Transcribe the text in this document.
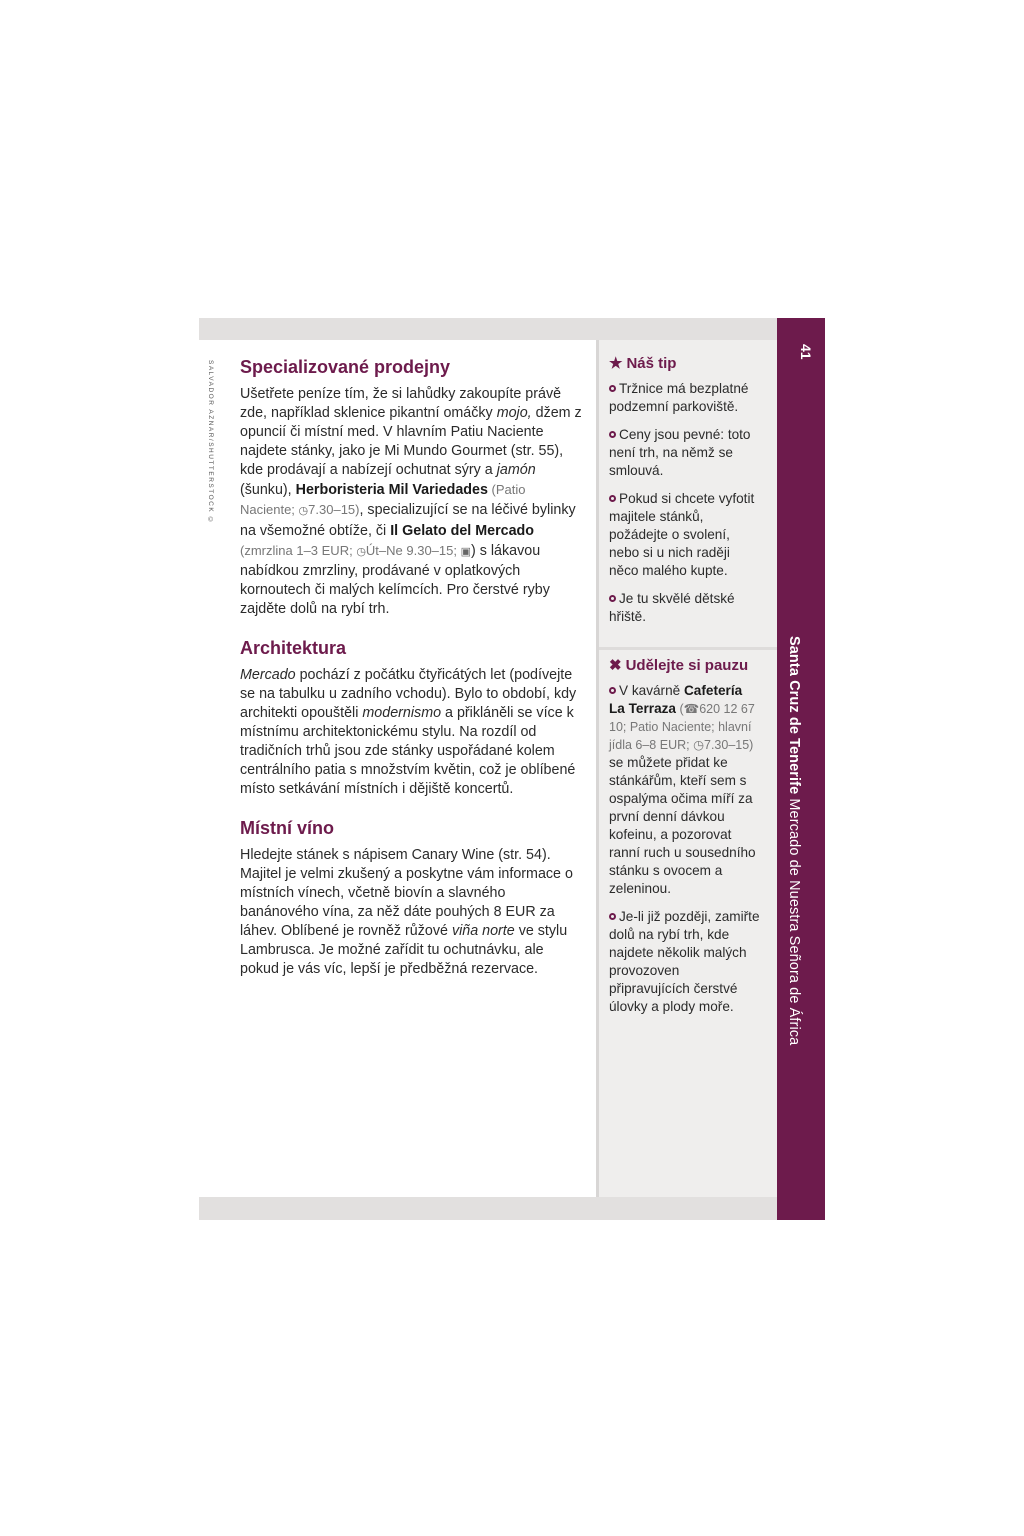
SALVADOR AZNAR/SHUTTERSTOCK © Specializované prodejny

Ušetřete peníze tím, že si lahůdky zakoupíte právě zde, například sklenice pikantní omáčky mojo, džem z opuncií či místní med. V hlavním Patiu Naciente najdete stánky, jako je Mi Mundo Gourmet (str. 55), kde prodávají a nabízejí ochutnat sýry a jamón (šunku), Herboristeria Mil Variedades (Patio Naciente; ◷7.30–15), specializující se na léčivé bylinky na všemožné obtíže, či Il Gelato del Mercado (zmrzlina 1–3 EUR; ◷Út–Ne 9.30–15; ▣) s lákavou nabídkou zmrzliny, prodávané v oplatkových kornoutech či malých kelímcích. Pro čerstvé ryby zajděte dolů na rybí trh.

Architektura

Mercado pochází z počátku čtyřicátých let (podívejte se na tabulku u zadního vchodu). Bylo to období, kdy architekti opouštěli modernismo a přikláněli se více k místnímu architektonickému stylu. Na rozdíl od tradičních trhů jsou zde stánky uspořádané kolem centrálního patia s množstvím květin, což je oblíbené místo setkávání místních i dějiště koncertů.

Místní víno

Hledejte stánek s nápisem Canary Wine (str. 54). Majitel je velmi zkušený a poskytne vám informace o místních vínech, včetně biovín a slavného banánového vína, za něž dáte pouhých 8 EUR za láhev. Oblíbené je rovněž růžové viña norte ve stylu Lambrusca. Je možné zařídit tu ochutnávku, ale pokud je vás víc, lepší je předběžná rezervace.

★ Náš tip

Tržnice má bezplatné podzemní parkoviště.

Ceny jsou pevné: toto není trh, na němž se smlouvá.

Pokud si chcete vyfotit majitele stánků, požádejte o svolení, nebo si u nich raději něco malého kupte.

Je tu skvělé dětské hřiště.

✖ Udělejte si pauzu

V kavárně Cafetería La Terraza (☎620 12 67 10; Patio Naciente; hlavní jídla 6–8 EUR; ◷7.30–15) se můžete přidat ke stánkářům, kteří sem s ospalýma očima míří za první denní dávkou kofeinu, a pozorovat ranní ruch u sousedního stánku s ovocem a zeleninou.

Je-li již později, zamiřte dolů na rybí trh, kde najdete několik malých provozoven připravujících čerstvé úlovky a plody moře.

41
Santa Cruz de Tenerife Mercado de Nuestra Señora de África
